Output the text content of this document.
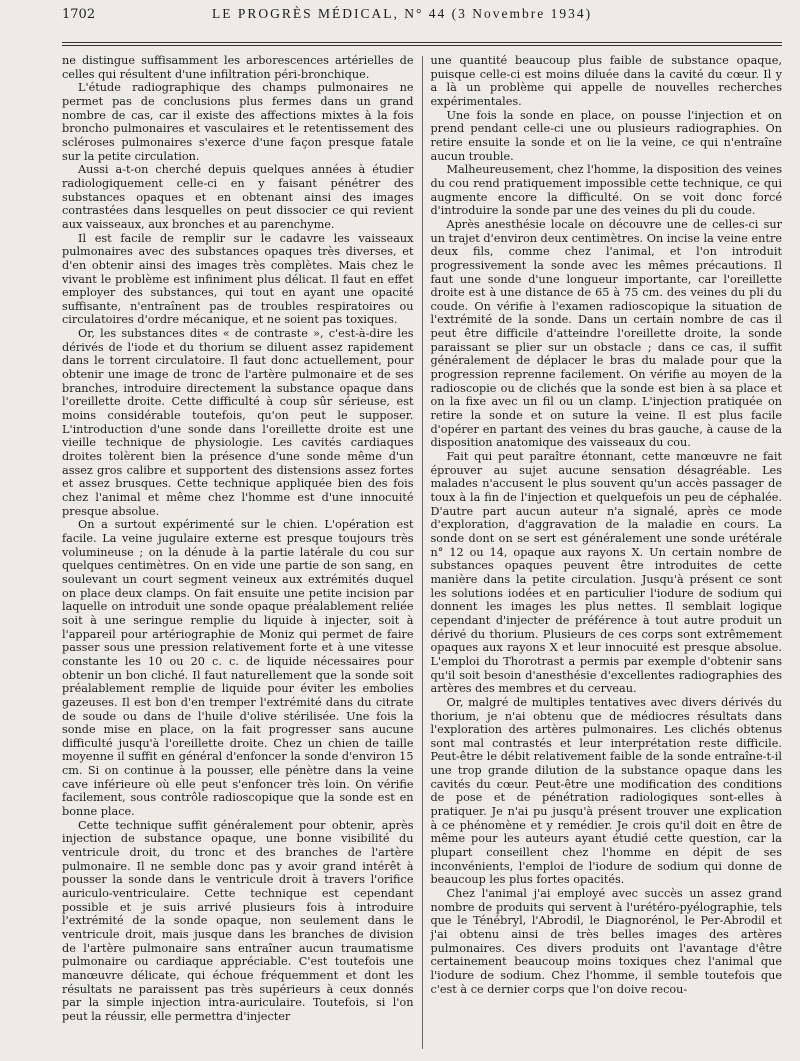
1702	LE PROGRÈS MÉDICAL, N° 44 (3 Novembre 1934)

ne distingue suffisamment les arborescences artérielles de celles qui résultent d'une infiltration péri-bronchique.

L'étude radiographique des champs pulmonaires ne permet pas de conclusions plus fermes dans un grand nombre de cas, car il existe des affections mixtes à la fois broncho pulmonaires et vasculaires et le retentissement des scléroses pulmonaires s'exerce d'une façon presque fatale sur la petite circulation.

Aussi a-t-on cherché depuis quelques années à étudier radiologiquement celle-ci en y faisant pénétrer des substances opaques et en obtenant ainsi des images contrastées dans lesquelles on peut dissocier ce qui revient aux vaisseaux, aux bronches et au parenchyme.

Il est facile de remplir sur le cadavre les vaisseaux pulmonaires avec des substances opaques très diverses, et d'en obtenir ainsi des images très complètes. Mais chez le vivant le problème est infiniment plus délicat. Il faut en effet employer des substances, qui tout en ayant une opacité suffisante, n'entraînent pas de troubles respiratoires ou circulatoires d'ordre mécanique, et ne soient pas toxiques.

Or, les substances dites « de contraste », c'est-à-dire les dérivés de l'iode et du thorium se diluent assez rapidement dans le torrent circulatoire. Il faut donc actuellement, pour obtenir une image de tronc de l'artère pulmonaire et de ses branches, introduire directement la substance opaque dans l'oreillette droite. Cette difficulté à coup sûr sérieuse, est moins considérable toutefois, qu'on peut le supposer. L'introduction d'une sonde dans l'oreillette droite est une vieille technique de physiologie. Les cavités cardiaques droites tolèrent bien la présence d'une sonde même d'un assez gros calibre et supportent des distensions assez fortes et assez brusques. Cette technique appliquée bien des fois chez l'animal et même chez l'homme est d'une innocuité presque absolue.

On a surtout expérimenté sur le chien. L'opération est facile. La veine jugulaire externe est presque toujours très volumineuse ; on la dénude à la partie latérale du cou sur quelques centimètres. On en vide une partie de son sang, en soulevant un court segment veineux aux extrémités duquel on place deux clamps. On fait ensuite une petite incision par laquelle on introduit une sonde opaque préalablement reliée soit à une seringue remplie du liquide à injecter, soit à l'appareil pour artériographie de Moniz qui permet de faire passer sous une pression relativement forte et à une vitesse constante les 10 ou 20 c. c. de liquide nécessaires pour obtenir un bon cliché. Il faut naturellement que la sonde soit préalablement remplie de liquide pour éviter les embolies gazeuses. Il est bon d'en tremper l'extrémité dans du citrate de soude ou dans de l'huile d'olive stérilisée. Une fois la sonde mise en place, on la fait progresser sans aucune difficulté jusqu'à l'oreillette droite. Chez un chien de taille moyenne il suffit en général d'enfoncer la sonde d'environ 15 cm. Si on continue à la pousser, elle pénètre dans la veine cave inférieure où elle peut s'enfoncer très loin. On vérifie facilement, sous contrôle radioscopique que la sonde est en bonne place.

Cette technique suffit généralement pour obtenir, après injection de substance opaque, une bonne visibilité du ventricule droit, du tronc et des branches de l'artère pulmonaire. Il ne semble donc pas y avoir grand intérêt à pousser la sonde dans le ventricule droit à travers l'orifice auriculo-ventriculaire. Cette technique est cependant possible et je suis arrivé plusieurs fois à introduire l'extrémité de la sonde opaque, non seulement dans le ventricule droit, mais jusque dans les branches de division de l'artère pulmonaire sans entraîner aucun traumatisme pulmonaire ou cardiaque appréciable. C'est toutefois une manœuvre délicate, qui échoue fréquemment et dont les résultats ne paraissent pas très supérieurs à ceux donnés par la simple injection intra-auriculaire. Toutefois, si l'on peut la réussir, elle permettra d'injecter

une quantité beaucoup plus faible de substance opaque, puisque celle-ci est moins diluée dans la cavité du cœur. Il y a là un problème qui appelle de nouvelles recherches expérimentales.

Une fois la sonde en place, on pousse l'injection et on prend pendant celle-ci une ou plusieurs radiographies. On retire ensuite la sonde et on lie la veine, ce qui n'entraîne aucun trouble.

Malheureusement, chez l'homme, la disposition des veines du cou rend pratiquement impossible cette technique, ce qui augmente encore la difficulté. On se voit donc forcé d'introduire la sonde par une des veines du pli du coude.

Après anesthésie locale on découvre une de celles-ci sur un trajet d'environ deux centimètres. On incise la veine entre deux fils, comme chez l'animal, et l'on introduit progressivement la sonde avec les mêmes précautions. Il faut une sonde d'une longueur importante, car l'oreillette droite est à une distance de 65 à 75 cm. des veines du pli du coude. On vérifie à l'examen radioscopique la situation de l'extrémité de la sonde. Dans un certain nombre de cas il peut être difficile d'atteindre l'oreillette droite, la sonde paraissant se plier sur un obstacle ; dans ce cas, il suffit généralement de déplacer le bras du malade pour que la progression reprenne facilement. On vérifie au moyen de la radioscopie ou de clichés que la sonde est bien à sa place et on la fixe avec un fil ou un clamp. L'injection pratiquée on retire la sonde et on suture la veine. Il est plus facile d'opérer en partant des veines du bras gauche, à cause de la disposition anatomique des vaisseaux du cou.

Fait qui peut paraître étonnant, cette manœuvre ne fait éprouver au sujet aucune sensation désagréable. Les malades n'accusent le plus souvent qu'un accès passager de toux à la fin de l'injection et quelquefois un peu de céphalée. D'autre part aucun auteur n'a signalé, après ce mode d'exploration, d'aggravation de la maladie en cours. La sonde dont on se sert est généralement une sonde urétérale n° 12 ou 14, opaque aux rayons X. Un certain nombre de substances opaques peuvent être introduites de cette manière dans la petite circulation. Jusqu'à présent ce sont les solutions iodées et en particulier l'iodure de sodium qui donnent les images les plus nettes. Il semblait logique cependant d'injecter de préférence à tout autre produit un dérivé du thorium. Plusieurs de ces corps sont extrêmement opaques aux rayons X et leur innocuité est presque absolue. L'emploi du Thorotrast a permis par exemple d'obtenir sans qu'il soit besoin d'anesthésie d'excellentes radiographies des artères des membres et du cerveau.

Or, malgré de multiples tentatives avec divers dérivés du thorium, je n'ai obtenu que de médiocres résultats dans l'exploration des artères pulmonaires. Les clichés obtenus sont mal contrastés et leur interprétation reste difficile. Peut-être le débit relativement faible de la sonde entraîne-t-il une trop grande dilution de la substance opaque dans les cavités du cœur. Peut-être une modification des conditions de pose et de pénétration radiologiques sont-elles à pratiquer. Je n'ai pu jusqu'à présent trouver une explication à ce phénomène et y remédier. Je crois qu'il doit en être de même pour les auteurs ayant étudié cette question, car la plupart conseillent chez l'homme en dépit de ses inconvénients, l'emploi de l'iodure de sodium qui donne de beaucoup les plus fortes opacités.

Chez l'animal j'ai employé avec succès un assez grand nombre de produits qui servent à l'urétéro-pyélographie, tels que le Ténébryl, l'Abrodil, le Diagnorénol, le Per-Abrodil et j'ai obtenu ainsi de très belles images des artères pulmonaires. Ces divers produits ont l'avantage d'être certainement beaucoup moins toxiques chez l'animal que l'iodure de sodium. Chez l'homme, il semble toutefois que c'est à ce dernier corps que l'on doive recou-
